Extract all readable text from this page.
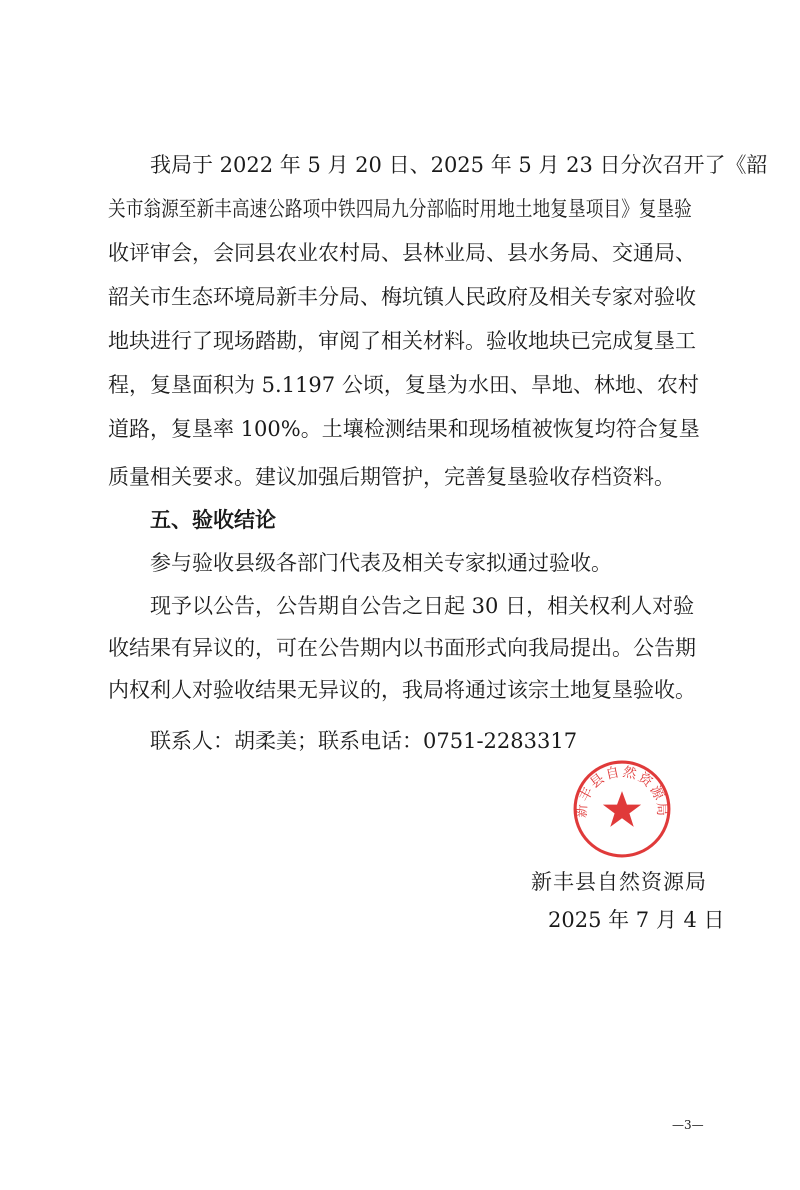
我局于 2022 年 5 月 20 日、2025 年 5 月 23 日分次召开了《韶
关市翁源至新丰高速公路项中铁四局九分部临时用地土地复垦项目》复垦验
收评审会，会同县农业农村局、县林业局、县水务局、交通局、
韶关市生态环境局新丰分局、梅坑镇人民政府及相关专家对验收
地块进行了现场踏勘，审阅了相关材料。验收地块已完成复垦工
程，复垦面积为 5.1197 公顷，复垦为水田、旱地、林地、农村
道路，复垦率 100%。土壤检测结果和现场植被恢复均符合复垦
质量相关要求。建议加强后期管护，完善复垦验收存档资料。
五、验收结论
参与验收县级各部门代表及相关专家拟通过验收。
现予以公告，公告期自公告之日起 30 日，相关权利人对验
收结果有异议的，可在公告期内以书面形式向我局提出。公告期
内权利人对验收结果无异议的，我局将通过该宗土地复垦验收。
联系人：胡柔美；联系电话：0751-2283317
新丰县自然资源局
新丰县自然资源局
2025 年 7 月 4 日
—3—
